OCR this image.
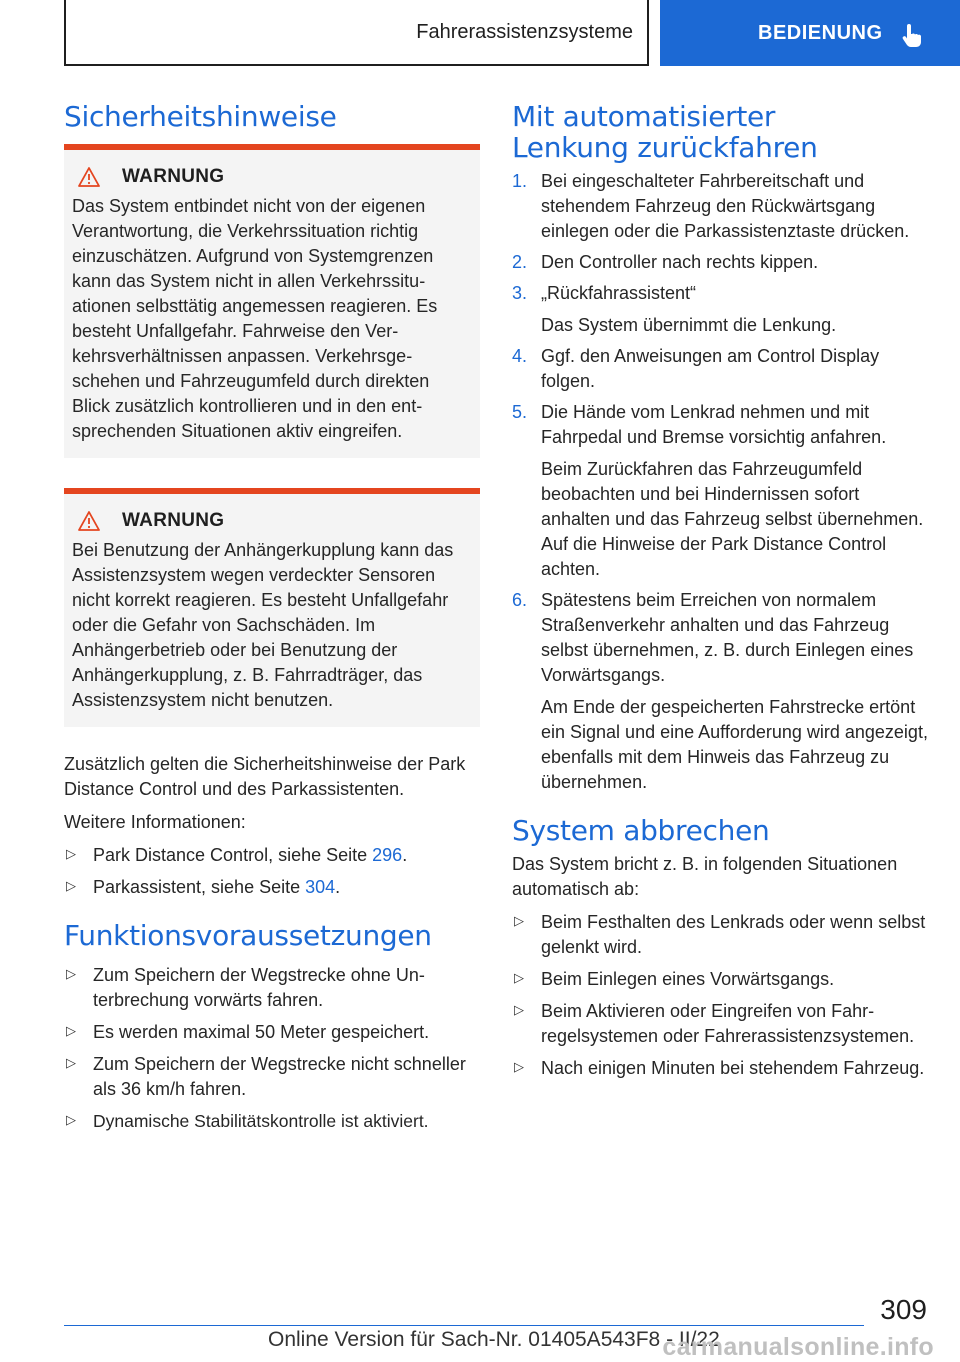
Fahrerassistenzsysteme	BEDIENUNG
Sicherheitshinweise
WARNUNG

Das System entbindet nicht von der eigenen Verantwortung, die Verkehrssituation richtig einzuschätzen. Aufgrund von Systemgrenzen kann das System nicht in allen Verkehrssituationen selbsttätig angemessen reagieren. Es besteht Unfallgefahr. Fahrweise den Verkehrsverhältnissen anpassen. Verkehrsgeschehen und Fahrzeugumfeld durch direkten Blick zusätzlich kontrollieren und in den entsprechenden Situationen aktiv eingreifen.

WARNUNG

Bei Benutzung der Anhängerkupplung kann das Assistenzsystem wegen verdeckter Sensoren nicht korrekt reagieren. Es besteht Unfallgefahr oder die Gefahr von Sachschäden. Im Anhängerbetrieb oder bei Benutzung der Anhängerkupplung, z. B. Fahrradträger, das Assistenzsystem nicht benutzen.

Zusätzlich gelten die Sicherheitshinweise der Park Distance Control und des Parkassistenten.

Weitere Informationen:

▷ Park Distance Control, siehe Seite 296.
▷ Parkassistent, siehe Seite 304.
Funktionsvoraussetzungen
▷ Zum Speichern der Wegstrecke ohne Unterbrechung vorwärts fahren.
▷ Es werden maximal 50 Meter gespeichert.
▷ Zum Speichern der Wegstrecke nicht schneller als 36 km/h fahren.
▷ Dynamische Stabilitätskontrolle ist aktiviert.
Mit automatisierter Lenkung zurückfahren
1. Bei eingeschalteter Fahrbereitschaft und stehendem Fahrzeug den Rückwärtsgang einlegen oder die Parkassistenztaste drücken.
2. Den Controller nach rechts kippen.
3. „Rückfahrassistent“
Das System übernimmt die Lenkung.
4. Ggf. den Anweisungen am Control Display folgen.
5. Die Hände vom Lenkrad nehmen und mit Fahrpedal und Bremse vorsichtig anfahren.
Beim Zurückfahren das Fahrzeugumfeld beobachten und bei Hindernissen sofort anhalten und das Fahrzeug selbst übernehmen. Auf die Hinweise der Park Distance Control achten.
6. Spätestens beim Erreichen von normalem Straßenverkehr anhalten und das Fahrzeug selbst übernehmen, z. B. durch Einlegen eines Vorwärtsgangs.
Am Ende der gespeicherten Fahrstrecke ertönt ein Signal und eine Aufforderung wird angezeigt, ebenfalls mit dem Hinweis das Fahrzeug zu übernehmen.
System abbrechen

Das System bricht z. B. in folgenden Situationen automatisch ab:

▷ Beim Festhalten des Lenkrads oder wenn selbst gelenkt wird.
▷ Beim Einlegen eines Vorwärtsgangs.
▷ Beim Aktivieren oder Eingreifen von Fahrregelsystemen oder Fahrerassistenzsystemen.
▷ Nach einigen Minuten bei stehendem Fahrzeug.
309
Online Version für Sach-Nr. 01405A543F8 - II/22
carmanualsonline.info
